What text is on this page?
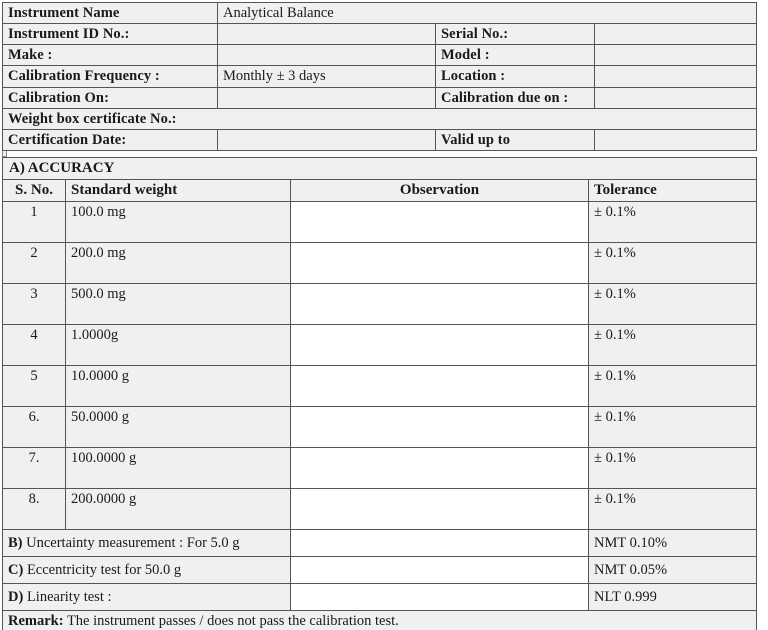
Instrument Name	Analytical Balance		
Instrument ID No.:		Serial No.:	
Make :		Model :	
Calibration Frequency :	Monthly ± 3 days	Location :	
Calibration On:		Calibration due on :	
Weight box certificate No.:			
Certification Date:		Valid up to	
A) ACCURACY			
S. No.	Standard weight	Observation	Tolerance
1	100.0 mg		± 0.1%
2	200.0 mg		± 0.1%
3	500.0 mg		± 0.1%
4	1.0000g		± 0.1%
5	10.0000 g		± 0.1%
6.	50.0000 g		± 0.1%
7.	100.0000 g		± 0.1%
8.	200.0000 g		± 0.1%
B) Uncertainty measurement : For 5.0 g			NMT 0.10%
C) Eccentricity test for 50.0 g			NMT 0.05%
D) Linearity test :			NLT 0.999
Remark: The instrument passes / does not pass the calibration test.			
